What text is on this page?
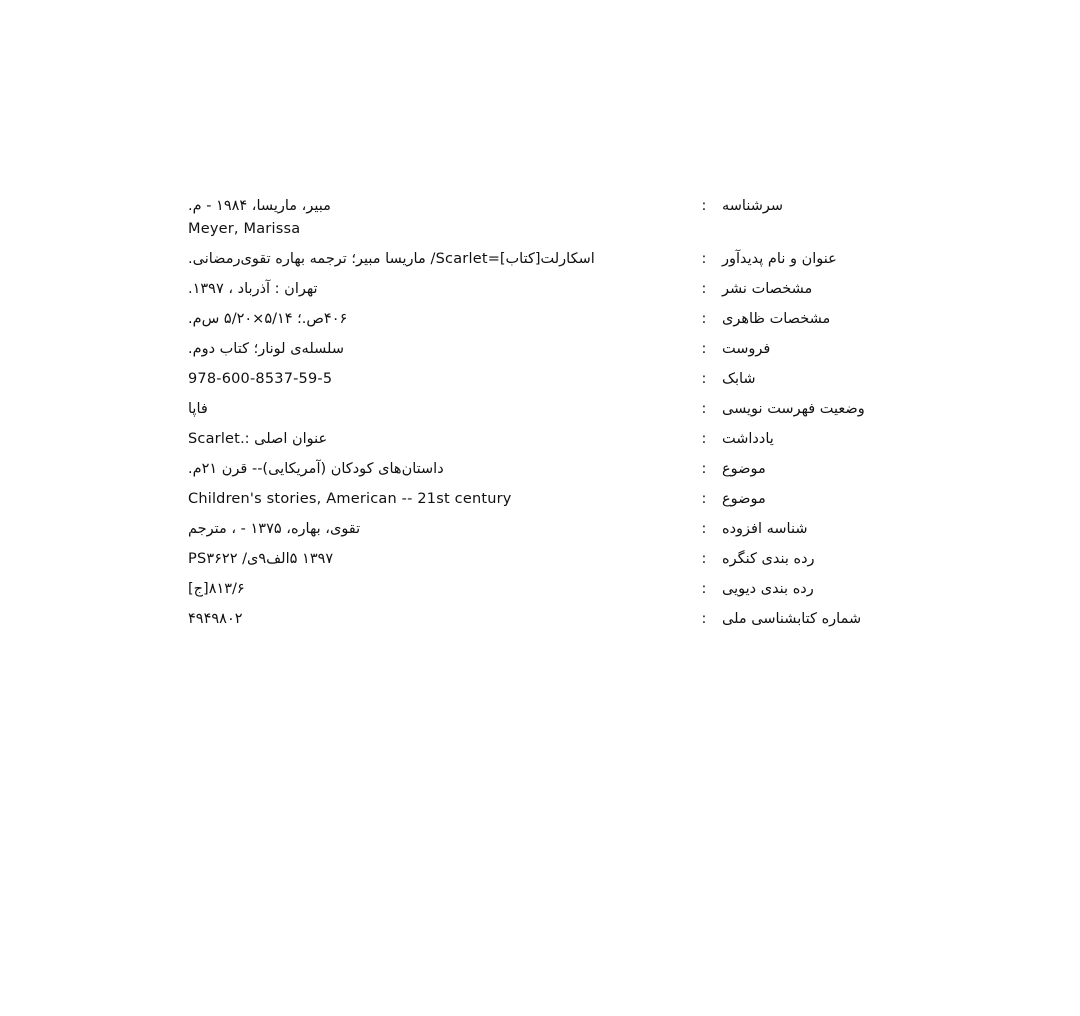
سرشناسه
:
مبیر، ماریسا، ۱۹۸۴ - م.
Meyer, Marissa
عنوان و نام پدیدآور
:
اسکارلت[کتاب]=Scarlet/ ماریسا مبیر؛ ترجمه بهاره تقوی‌رمضانی.
مشخصات نشر
:
تهران : آذرباد ، ۱۳۹۷.
مشخصات ظاهری
:
۴۰۶ص.؛ ۵/۱۴×۵/۲۰ س‌م.
فروست
:
سلسله‌ی لونار؛ کتاب دوم.
شابک
:
978-600-8537-59-5
وضعیت فهرست نویسی
:
فاپا
یادداشت
:
عنوان اصلی :.Scarlet
موضوع
:
داستان‌های کودکان (آمریکایی)-- قرن ۲۱م.
موضوع
:
Children's stories, American -- 21st century
شناسه افزوده
:
تقوی، بهاره، ۱۳۷۵ - ، مترجم
رده بندی کنگره
:
۱۳۹۷ ۵الف۹ی/ PS۳۶۲۲
رده بندی دیویی
:
۸۱۳/۶[ج]
شماره کتابشناسی ملی
:
۴۹۴۹۸۰۲
